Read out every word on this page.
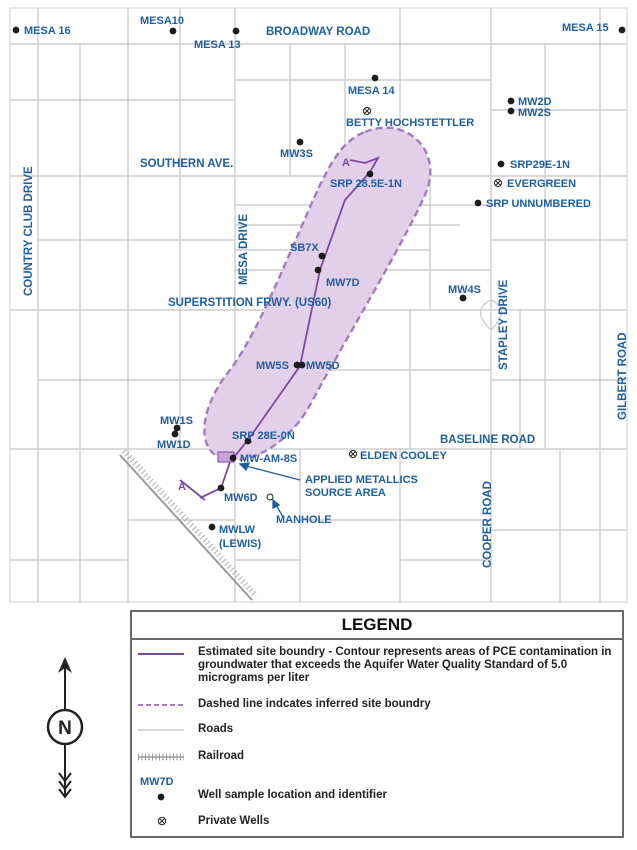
A
A
BROADWAY ROAD
SOUTHERN AVE.
SUPERSTITION FRWY. (US60)
BASELINE ROAD
COUNTRY CLUB DRIVE	MESA DRIVE
STAPLEY DRIVE
COOPER ROAD
GILBERT ROAD
MESA 16
MESA10
MESA 13
MESA 15
MESA 14
MW2D
MW2S
MW3S
SRP 28.5E-1N
SRP29E-1N
SRP UNNUMBERED
SB7X
MW7D
MW4S
MW5S MW5D
MW1S
MW1D
SRP 28E-0N
MW-AM-8S
MW6D
MWLW
(LEWIS)
BETTY HOCHSTETTLER
EVERGREEN
ELDEN COOLEY
APPLIED METALLICS
SOURCE AREA
MANHOLE
N
LEGEND
Estimated site boundry - Contour represents areas of PCE contamination in groundwater that exceeds the Aquifer Water Quality Standard of 5.0 micrograms per liter
Dashed line indcates inferred site boundry
Roads
Railroad
MW7D
Well sample location and identifier
Private Wells
